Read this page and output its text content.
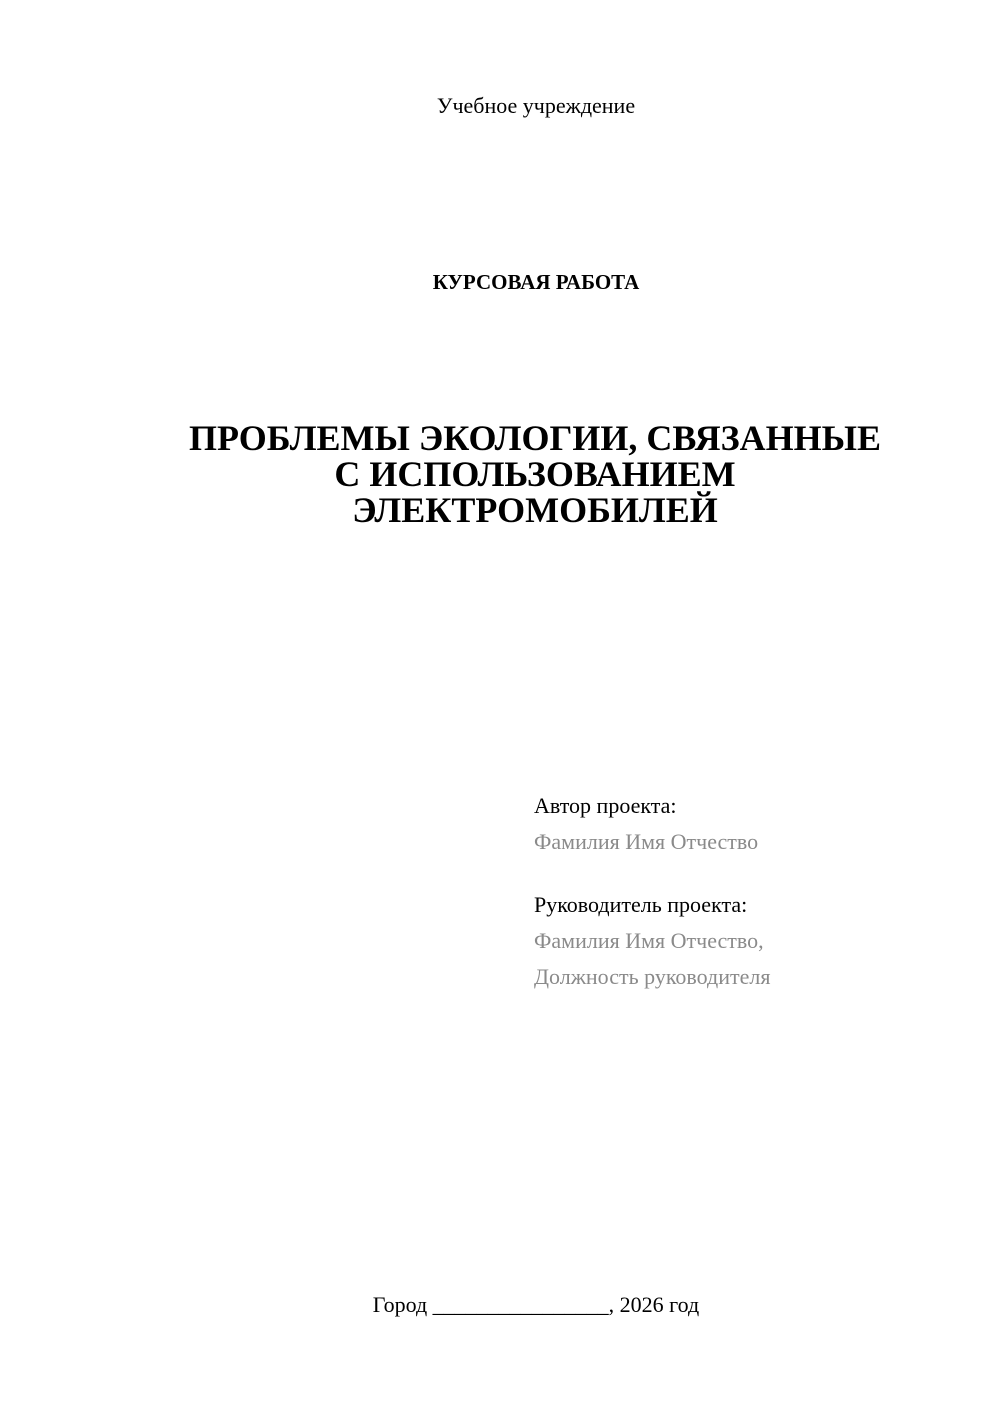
Учебное учреждение
КУРСОВАЯ РАБОТА
ПРОБЛЕМЫ ЭКОЛОГИИ, СВЯЗАННЫЕ
С ИСПОЛЬЗОВАНИЕМ
ЭЛЕКТРОМОБИЛЕЙ
Автор проекта:
Фамилия Имя Отчество
Руководитель проекта:
Фамилия Имя Отчество,
Должность руководителя
Город ________________, 2026 год
